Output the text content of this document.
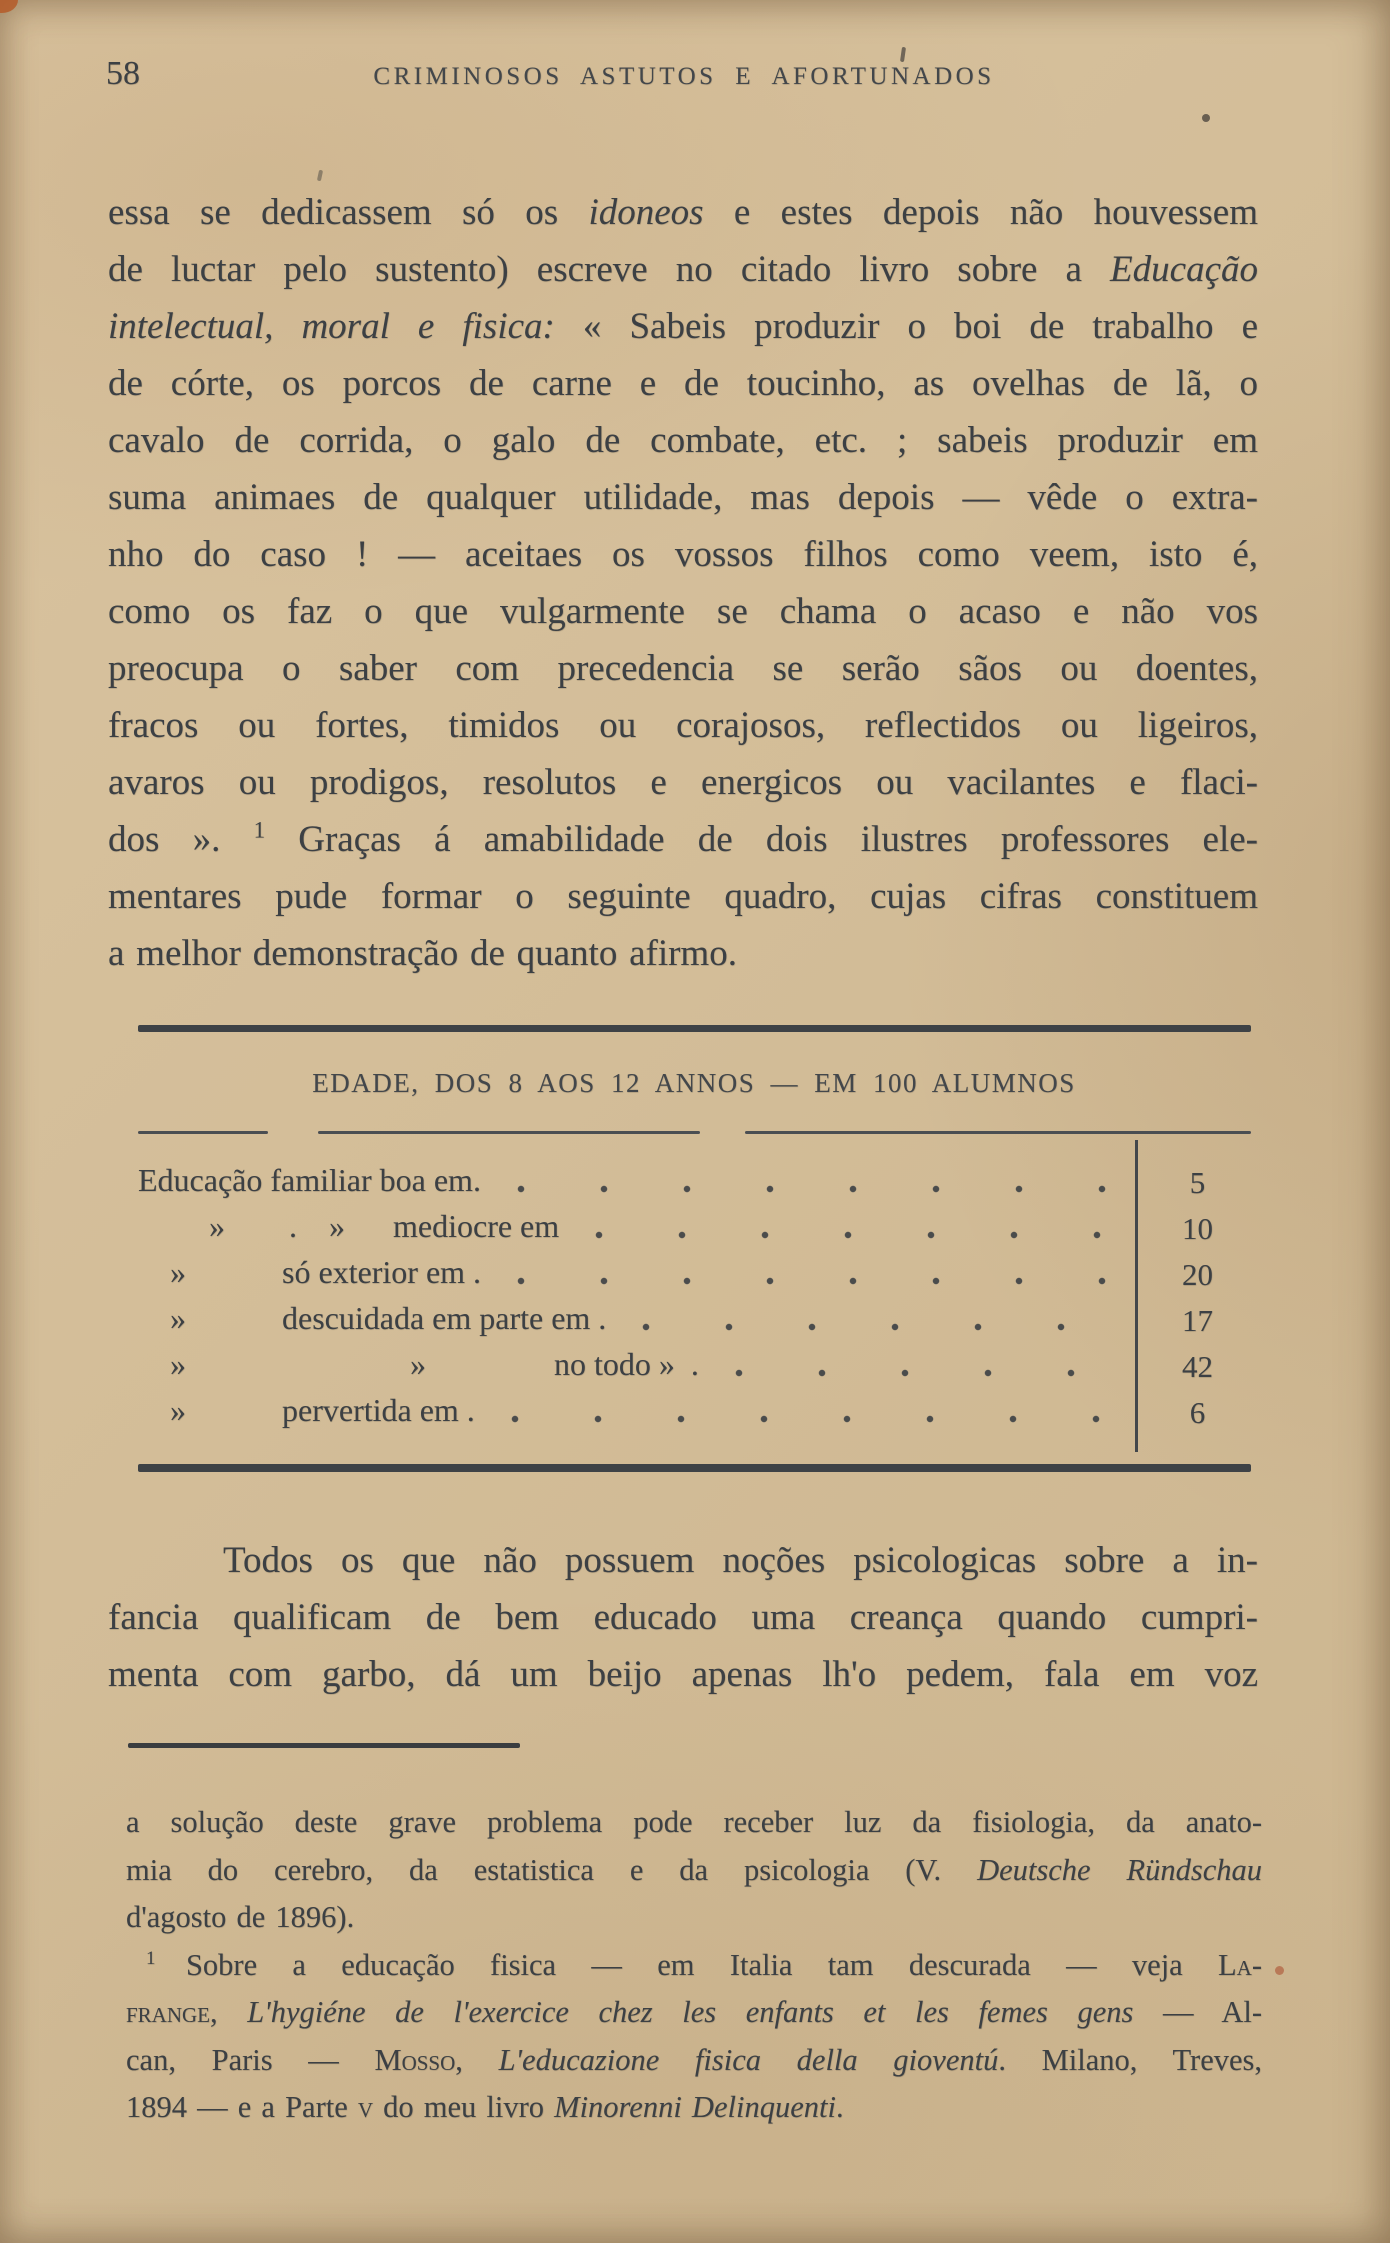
58	CRIMINOSOS ASTUTOS E AFORTUNADOS
essa se dedicassem só os idoneos e estes depois não houvessem
de luctar pelo sustento) escreve no citado livro sobre a Educação
intelectual, moral e fisica: « Sabeis produzir o boi de trabalho e
de córte, os porcos de carne e de toucinho, as ovelhas de lã, o
cavalo de corrida, o galo de combate, etc. ; sabeis produzir em
suma animaes de qualquer utilidade, mas depois — vêde o extra-
nho do caso ! — aceitaes os vossos filhos como veem, isto é,
como os faz o que vulgarmente se chama o acaso e não vos
preocupa o saber com precedencia se serão sãos ou doentes,
fracos ou fortes, timidos ou corajosos, reflectidos ou ligeiros,
avaros ou prodigos, resolutos e energicos ou vacilantes e flaci-
dos ». $^1$ Graças á amabilidade de dois ilustres professores ele-
mentares pude formar o seguinte quadro, cujas cifras constituem
a melhor demonstração de quanto afirmo.
EDADE, DOS 8 AOS 12 ANNOS — EM 100 ALUMNOS
Educação familiar boa em.	5
»  . »  mediocre em	10
»   só exterior em .	20
»   descuidada em parte em .	17
»       »    no todo » .	42
»   pervertida em .	6
Todos os que não possuem noções psicologicas sobre a in-
fancia qualificam de bem educado uma creança quando cumpri-
menta com garbo, dá um beijo apenas lh'o pedem, fala em voz
a solução deste grave problema pode receber luz da fisiologia, da anato-
mia do cerebro, da estatistica e da psicologia (V. Deutsche Ründschau
d'agosto de 1896).
$^1$ Sobre a educação fisica — em Italia tam descurada — veja La-
frange, L'hygiéne de l'exercice chez les enfants et les femes gens — Al-
can, Paris — Mosso, L'educazione fisica della gioventú. Milano, Treves,
1894 — e a Parte v do meu livro Minorenni Delinquenti.
